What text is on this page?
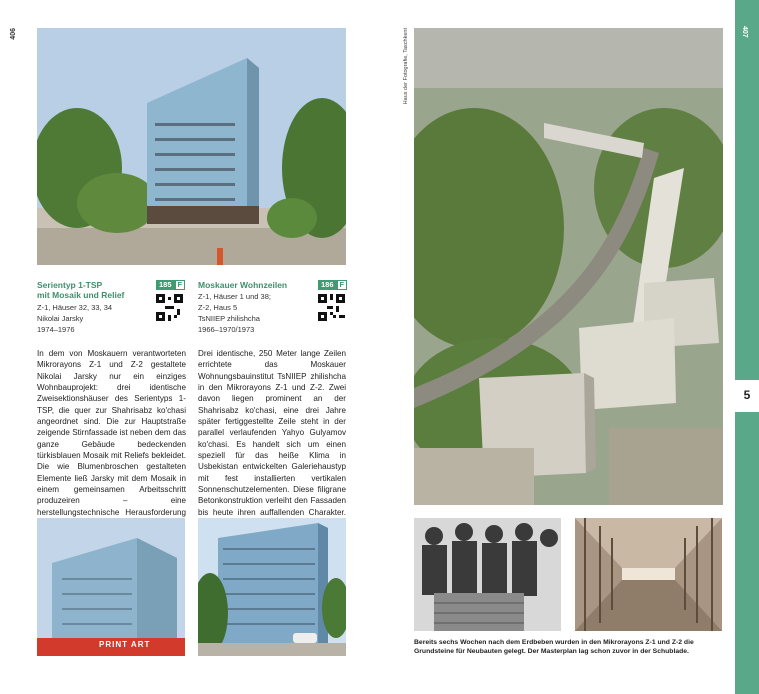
406
Serientyp 1-TSP
mit Mosaik und Relief
Z-1, Häuser 32, 33, 34
Nikolai Jarsky
1974–1976
185 F	Moskauer Wohnzeilen
Z-1, Häuser 1 und 38;
Z-2, Haus 5
TsNIIEP zhilishcha
1966–1970/1973
186 F
In dem von Moskauern verantworteten Mikrorayons Z-1 und Z-2 gestaltete Nikolai Jarsky nur ein einziges Wohnbauprojekt: drei identische Zweisektionshäuser des Serientyps 1-TSP, die quer zur Shahrisabz ko'chasi angeordnet sind. Die zur Hauptstraße zeigende Stirnfassade ist neben dem das ganze Gebäude bedeckenden türkisblauen Mosaik mit Reliefs bekleidet. Die wie Blumenbroschen gestalteten Elemente ließ Jarsky mit dem Mosaik in einem gemeinsamen Arbeitsschritt produzeiren – eine herstellungstechnische Herausforderung
Drei identische, 250 Meter lange Zeilen errichtete das Moskauer Wohnungsbauinstitut TsNIIEP zhilishcha in den Mikrorayons Z-1 und Z-2. Zwei davon liegen prominent an der Shahrisabz ko'chasi, eine drei Jahre später fertiggestellte Zeile steht in der parallel verlaufenden Yahyo Gulyamov ko'chasi. Es handelt sich um einen speziell für das heiße Klima in Usbekistan entwickelten Galeriehaustyp mit fest installierten vertikalen Sonnenschutzelementen. Diese filigrane Betonkonstruktion verleiht den Fassaden bis heute ihren auffallenden Charakter.
PRINT ART
Haus der Fotografie, Taschkent
Bereits sechs Wochen nach dem Erdbeben wurden in den Mikrorayons Z-1 und Z-2 die Grundsteine für Neubauten gelegt. Der Masterplan lag schon zuvor in der Schublade.
407
5
